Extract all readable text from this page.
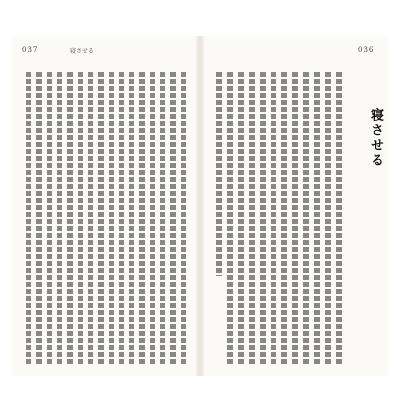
037	寝させる	036
寝させる
